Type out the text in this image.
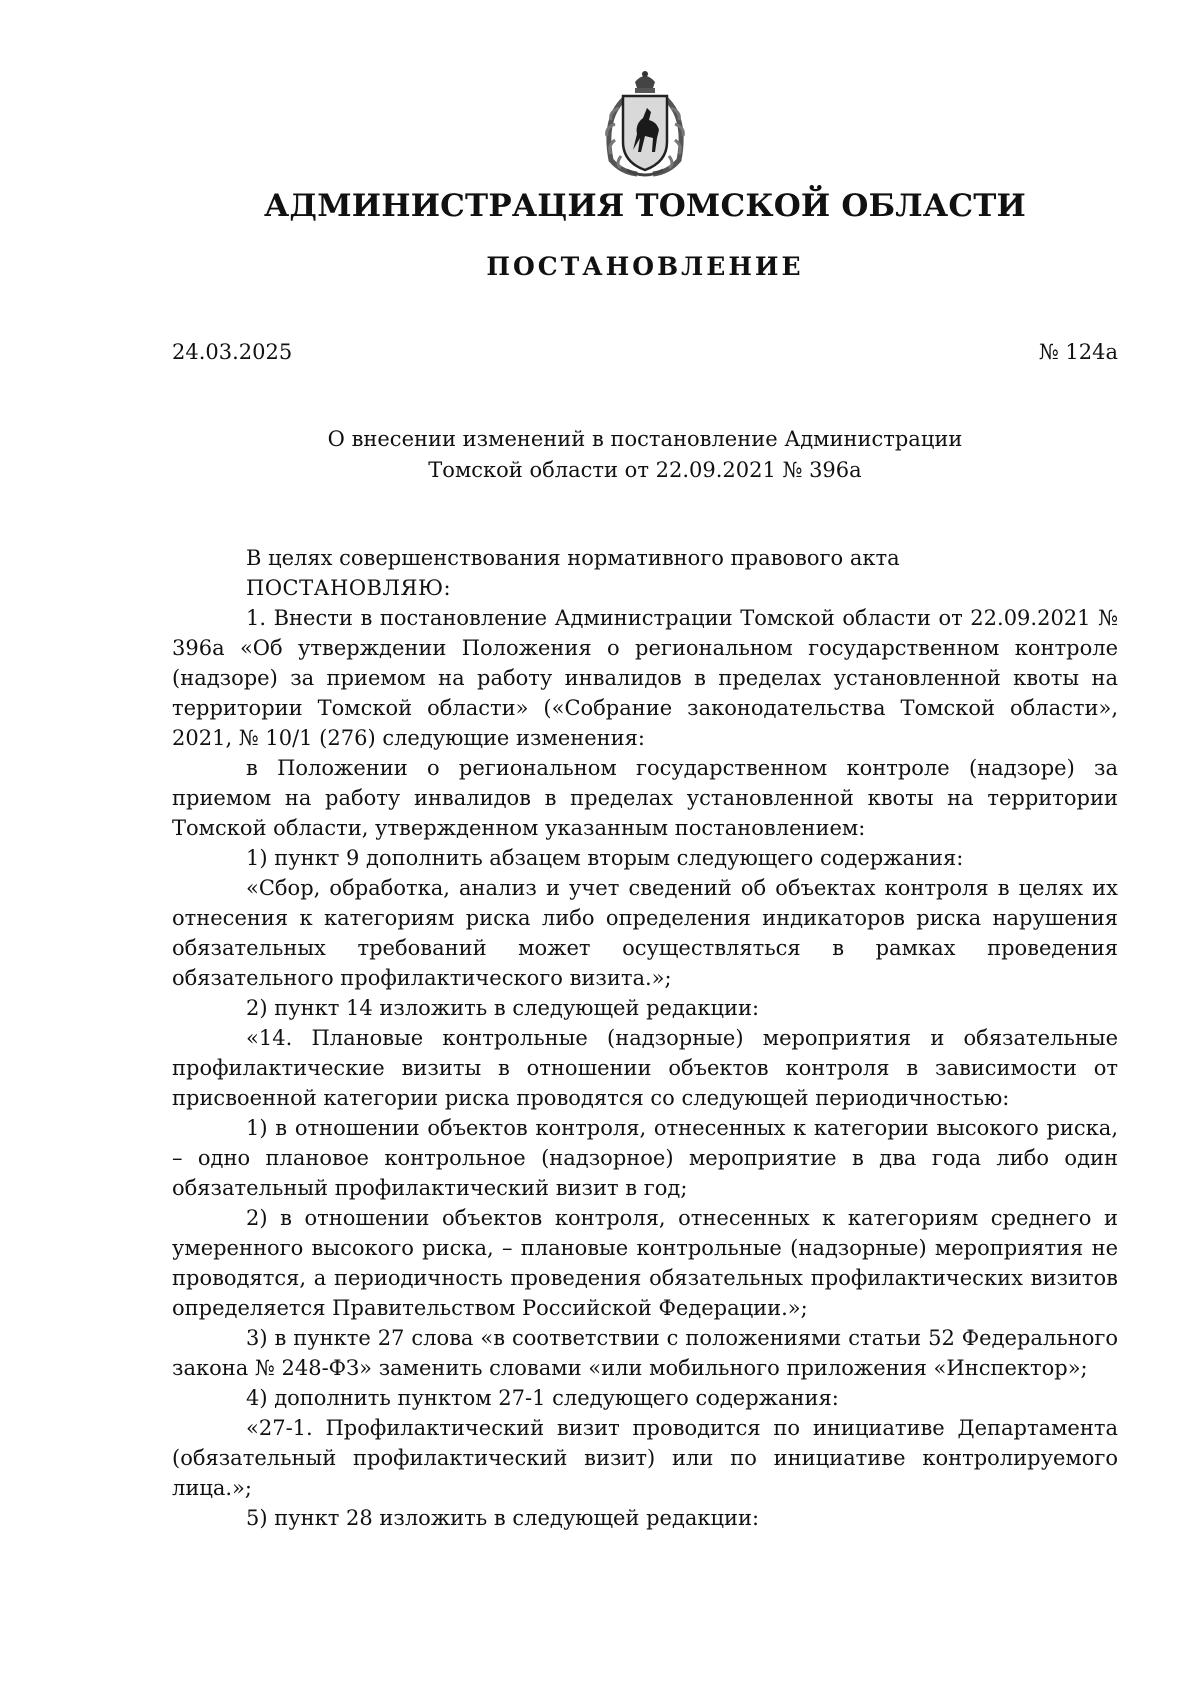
АДМИНИСТРАЦИЯ ТОМСКОЙ ОБЛАСТИ
ПОСТАНОВЛЕНИЕ
24.03.2025	№ 124а
О внесении изменений в постановление Администрации
Томской области от 22.09.2021 № 396а

В целях совершенствования нормативного правового акта

ПОСТАНОВЛЯЮ:

1. Внести в постановление Администрации Томской области от 22.09.2021 № 396а «Об утверждении Положения о региональном государственном контроле (надзоре) за приемом на работу инвалидов в пределах установленной квоты на территории Томской области» («Собрание законодательства Томской области», 2021, № 10/1 (276) следующие изменения:

в Положении о региональном государственном контроле (надзоре) за приемом на работу инвалидов в пределах установленной квоты на территории Томской области, утвержденном указанным постановлением:

1) пункт 9 дополнить абзацем вторым следующего содержания:

«Сбор, обработка, анализ и учет сведений об объектах контроля в целях их отнесения к категориям риска либо определения индикаторов риска нарушения обязательных требований может осуществляться в рамках проведения обязательного профилактического визита.»;

2) пункт 14 изложить в следующей редакции:

«14. Плановые контрольные (надзорные) мероприятия и обязательные профилактические визиты в отношении объектов контроля в зависимости от присвоенной категории риска проводятся со следующей периодичностью:

1) в отношении объектов контроля, отнесенных к категории высокого риска, – одно плановое контрольное (надзорное) мероприятие в два года либо один обязательный профилактический визит в год;

2) в отношении объектов контроля, отнесенных к категориям среднего и умеренного высокого риска, – плановые контрольные (надзорные) мероприятия не проводятся, а периодичность проведения обязательных профилактических визитов определяется Правительством Российской Федерации.»;

3) в пункте 27 слова «в соответствии с положениями статьи 52 Федерального закона № 248-ФЗ» заменить словами «или мобильного приложения «Инспектор»;

4) дополнить пунктом 27-1 следующего содержания:

«27-1. Профилактический визит проводится по инициативе Департамента (обязательный профилактический визит) или по инициативе контролируемого лица.»;

5) пункт 28 изложить в следующей редакции:
